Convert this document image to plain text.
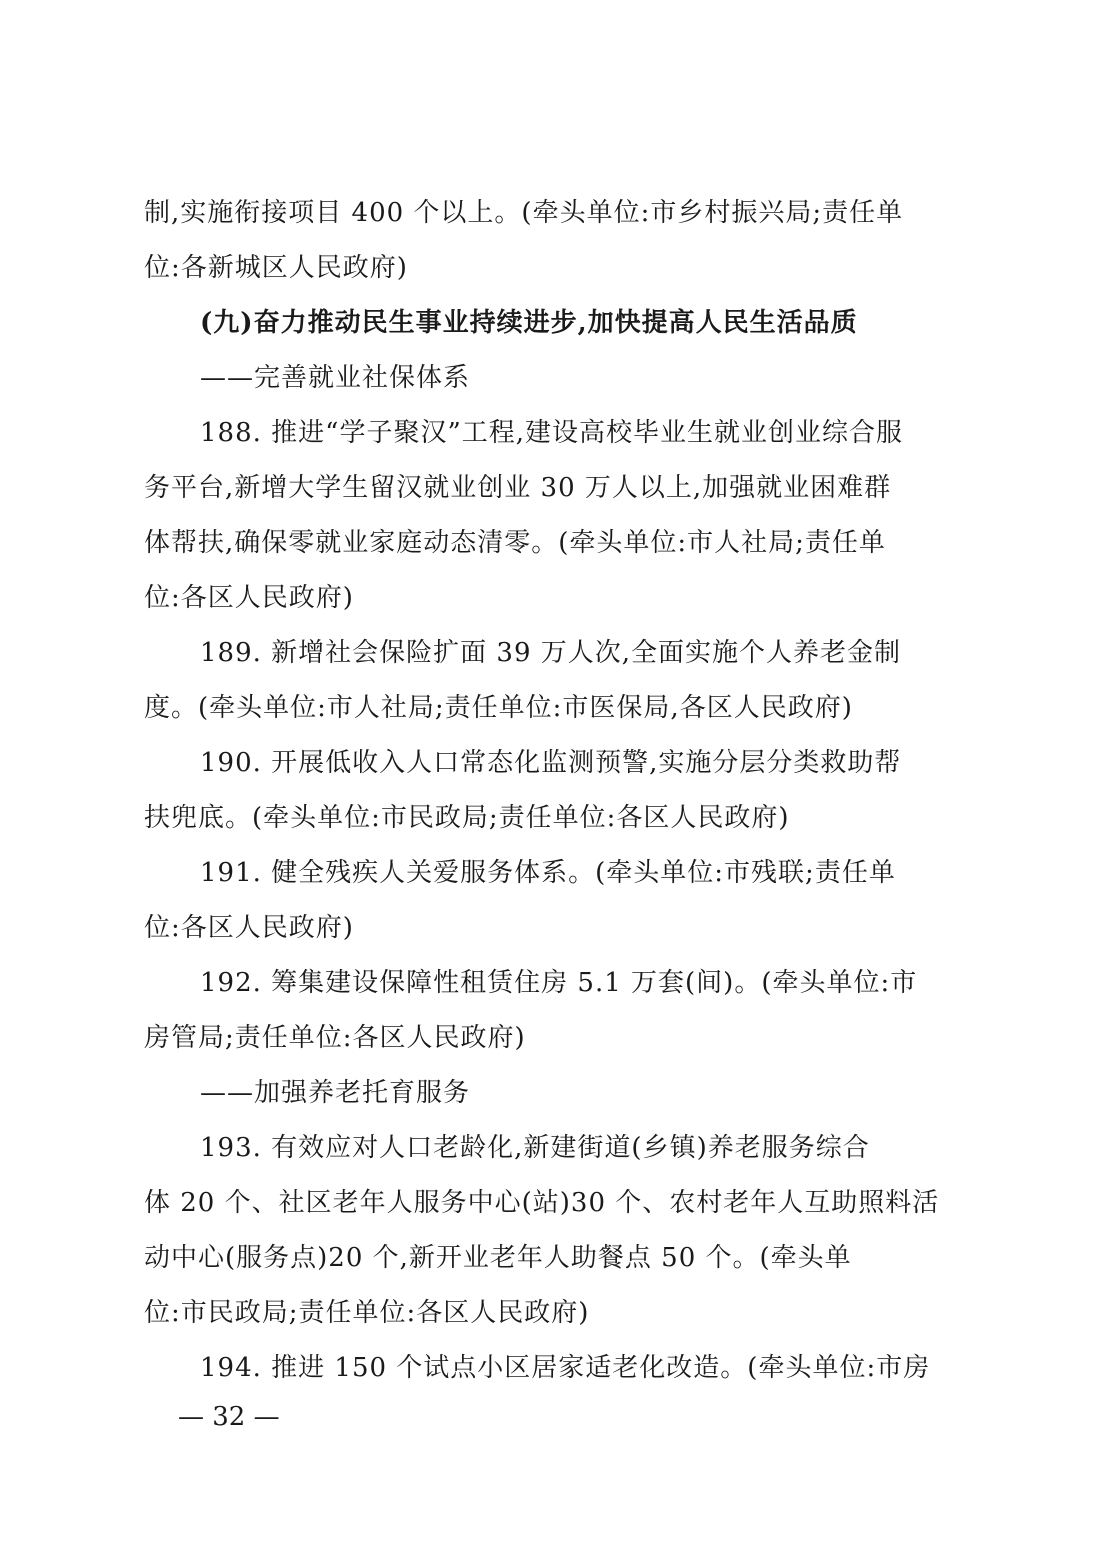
制,实施衔接项目 400 个以上。(牵头单位:市乡村振兴局;责任单
位:各新城区人民政府)
(九)奋力推动民生事业持续进步,加快提高人民生活品质
——完善就业社保体系
188. 推进“学子聚汉”工程,建设高校毕业生就业创业综合服
务平台,新增大学生留汉就业创业 30 万人以上,加强就业困难群
体帮扶,确保零就业家庭动态清零。(牵头单位:市人社局;责任单
位:各区人民政府)
189. 新增社会保险扩面 39 万人次,全面实施个人养老金制
度。(牵头单位:市人社局;责任单位:市医保局,各区人民政府)
190. 开展低收入人口常态化监测预警,实施分层分类救助帮
扶兜底。(牵头单位:市民政局;责任单位:各区人民政府)
191. 健全残疾人关爱服务体系。(牵头单位:市残联;责任单
位:各区人民政府)
192. 筹集建设保障性租赁住房 5.1 万套(间)。(牵头单位:市
房管局;责任单位:各区人民政府)
——加强养老托育服务
193. 有效应对人口老龄化,新建街道(乡镇)养老服务综合
体 20 个、社区老年人服务中心(站)30 个、农村老年人互助照料活
动中心(服务点)20 个,新开业老年人助餐点 50 个。(牵头单
位:市民政局;责任单位:各区人民政府)
194. 推进 150 个试点小区居家适老化改造。(牵头单位:市房
— 32 —
